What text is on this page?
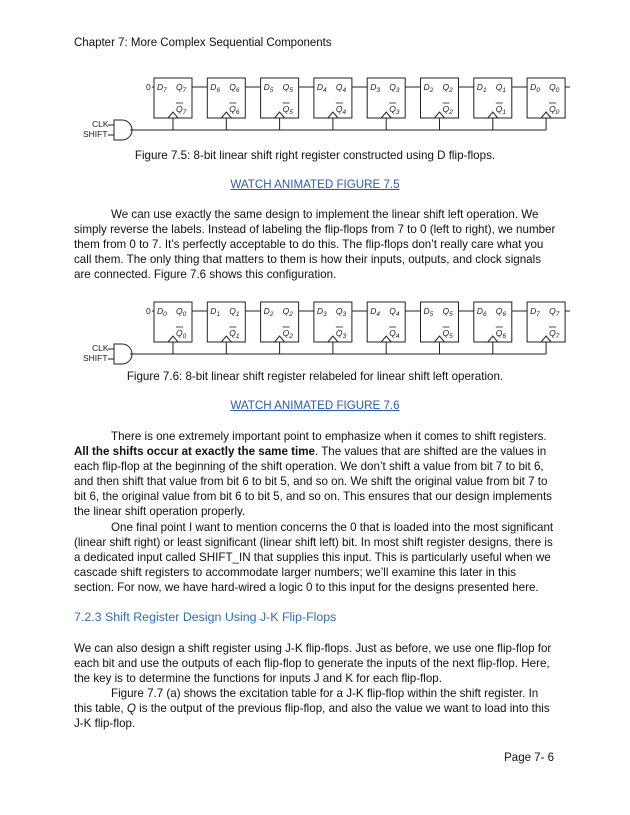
Chapter 7: More Complex Sequential Components
0
CLK
SHIFT
$D_7$ $Q_7$
$Q_7$
$D_6$ $Q_6$
$Q_6$
$D_5$ $Q_5$
$Q_5$
$D_4$ $Q_4$
$Q_4$
$D_3$ $Q_3$
$Q_3$
$D_2$ $Q_2$
$Q_2$
$D_1$ $Q_1$
$Q_1$
$D_0$ $Q_0$
$Q_0$
Figure 7.5: 8-bit linear shift right register constructed using D flip-flops.
WATCH ANIMATED FIGURE 7.5

We can use exactly the same design to implement the linear shift left operation. We simply reverse the labels. Instead of labeling the flip-flops from 7 to 0 (left to right), we number them from 0 to 7. It’s perfectly acceptable to do this. The flip-flops don’t really care what you call them. The only thing that matters to them is how their inputs, outputs, and clock signals are connected. Figure 7.6 shows this configuration.

0
CLK
SHIFT
$D_0$ $Q_0$
$Q_0$
$D_1$ $Q_1$
$Q_1$
$D_2$ $Q_2$
$Q_2$
$D_3$ $Q_3$
$Q_3$
$D_4$ $Q_4$
$Q_4$
$D_5$ $Q_5$
$Q_5$
$D_6$ $Q_6$
$Q_6$
$D_7$ $Q_7$
$Q_7$
Figure 7.6: 8-bit linear shift register relabeled for linear shift left operation.
WATCH ANIMATED FIGURE 7.6

There is one extremely important point to emphasize when it comes to shift registers. All the shifts occur at exactly the same time. The values that are shifted are the values in each flip-flop at the beginning of the shift operation. We don’t shift a value from bit 7 to bit 6, and then shift that value from bit 6 to bit 5, and so on. We shift the original value from bit 7 to bit 6, the original value from bit 6 to bit 5, and so on. This ensures that our design implements the linear shift operation properly.

One final point I want to mention concerns the 0 that is loaded into the most significant (linear shift right) or least significant (linear shift left) bit. In most shift register designs, there is a dedicated input called SHIFT_IN that supplies this input. This is particularly useful when we cascade shift registers to accommodate larger numbers; we’ll examine this later in this section. For now, we have hard-wired a logic 0 to this input for the designs presented here.

7.2.3 Shift Register Design Using J-K Flip-Flops

We can also design a shift register using J-K flip-flops. Just as before, we use one flip-flop for each bit and use the outputs of each flip-flop to generate the inputs of the next flip-flop. Here, the key is to determine the functions for inputs J and K for each flip-flop.

Figure 7.7 (a) shows the excitation table for a J-K flip-flop within the shift register. In this table, Q is the output of the previous flip-flop, and also the value we want to load into this J-K flip-flop.

Page 7- 6
